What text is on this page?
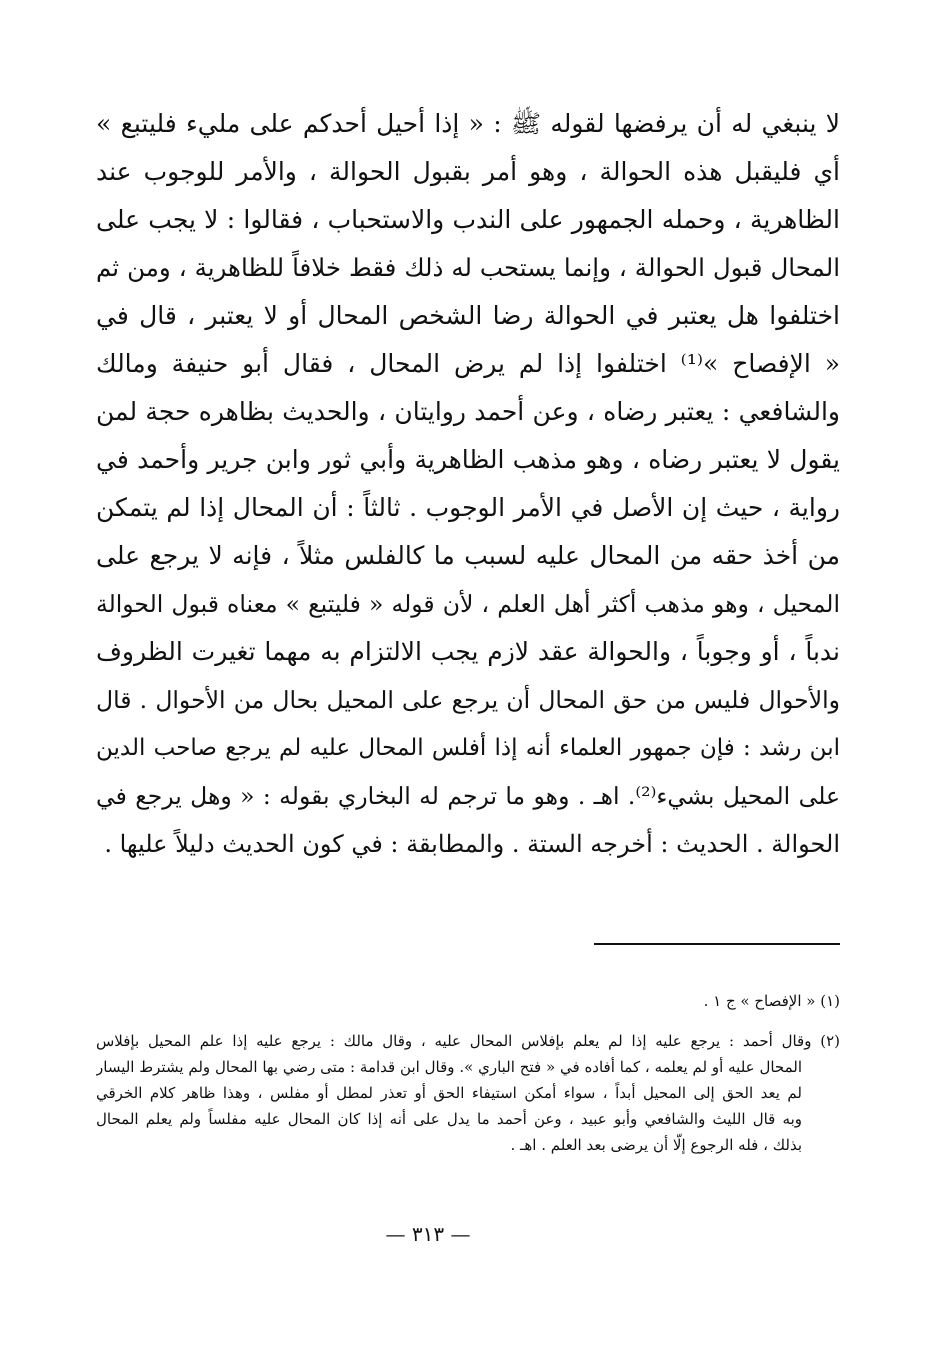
لا ينبغي له أن يرفضها لقوله ﷺ : « إذا أحيل أحدكم على مليء فليتبع »
أي فليقبل هذه الحوالة ، وهو أمر بقبول الحوالة ، والأمر للوجوب عند
الظاهرية ، وحمله الجمهور على الندب والاستحباب ، فقالوا : لا يجب على
المحال قبول الحوالة ، وإنما يستحب له ذلك فقط خلافاً للظاهرية ، ومن ثم
اختلفوا هل يعتبر في الحوالة رضا الشخص المحال أو لا يعتبر ، قال في
« الإفصاح »⁽¹⁾ اختلفوا إذا لم يرض المحال ، فقال أبو حنيفة ومالك
والشافعي : يعتبر رضاه ، وعن أحمد روايتان ، والحديث بظاهره حجة لمن
يقول لا يعتبر رضاه ، وهو مذهب الظاهرية وأبي ثور وابن جرير وأحمد في
رواية ، حيث إن الأصل في الأمر الوجوب . ثالثاً : أن المحال إذا لم يتمكن
من أخذ حقه من المحال عليه لسبب ما كالفلس مثلاً ، فإنه لا يرجع على
المحيل ، وهو مذهب أكثر أهل العلم ، لأن قوله « فليتبع » معناه قبول الحوالة
ندباً ، أو وجوباً ، والحوالة عقد لازم يجب الالتزام به مهما تغيرت الظروف
والأحوال فليس من حق المحال أن يرجع على المحيل بحال من الأحوال . قال
ابن رشد : فإن جمهور العلماء أنه إذا أفلس المحال عليه لم يرجع صاحب الدين
على المحيل بشيء⁽²⁾. اهـ . وهو ما ترجم له البخاري بقوله : « وهل يرجع في
الحوالة . الحديث : أخرجه الستة . والمطابقة : في كون الحديث دليلاً عليها .
(١) « الإفصاح » ج ١ .
(٢) وقال أحمد : يرجع عليه إذا لم يعلم بإفلاس المحال عليه ، وقال مالك : يرجع عليه إذا علم المحيل بإفلاس
المحال عليه أو لم يعلمه ، كما أفاده في « فتح الباري ». وقال ابن قدامة : متى رضي بها المحال ولم يشترط اليسار
لم يعد الحق إلى المحيل أبداً ، سواء أمكن استيفاء الحق أو تعذر لمطل أو مفلس ، وهذا ظاهر كلام الخرقي
وبه قال الليث والشافعي وأبو عبيد ، وعن أحمد ما يدل على أنه إذا كان المحال عليه مفلساً ولم يعلم المحال
بذلك ، فله الرجوع إلّا أن يرضى بعد العلم . اهـ .
— ٣١٣ —
